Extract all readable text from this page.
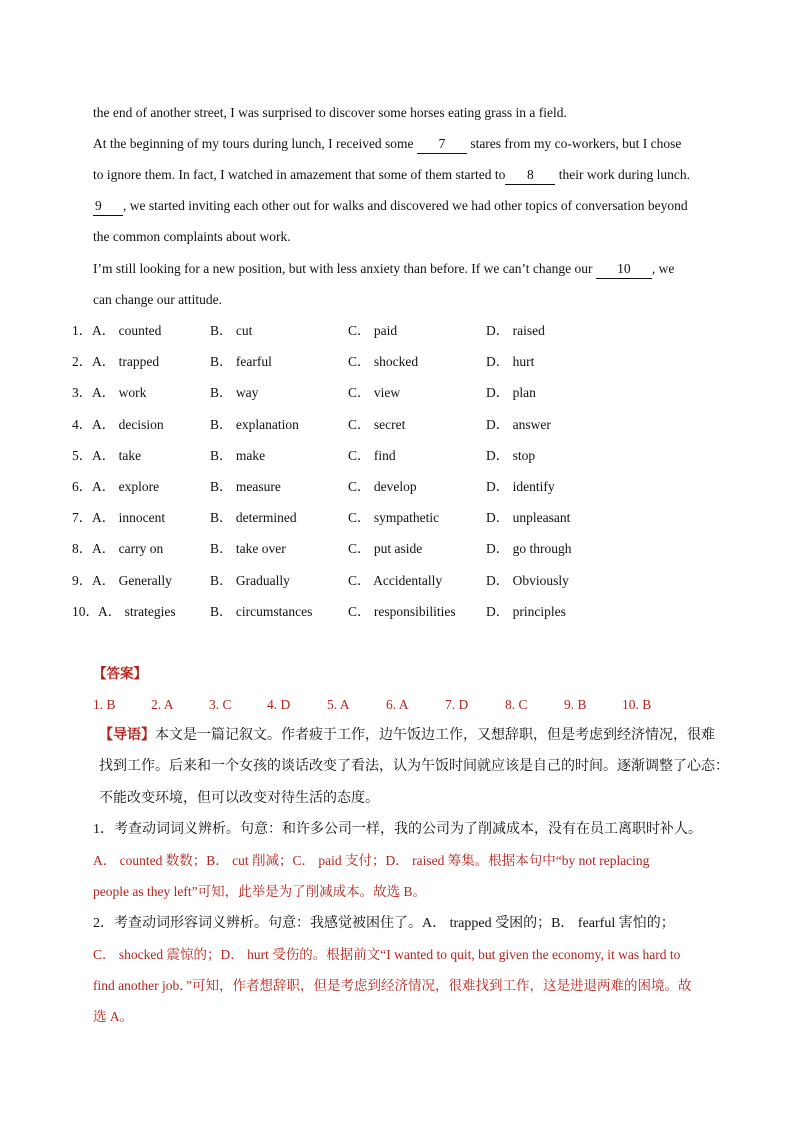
the end of another street, I was surprised to discover some horses eating grass in a field.
At the beginning of my tours during lunch, I received some 7 stares from my co-workers, but I chose
to ignore them. In fact, I watched in amazement that some of them started to 8 their work during lunch.
9 , we started inviting each other out for walks and discovered we had other topics of conversation beyond
the common complaints about work.
I’m still looking for a new position, but with less anxiety than before. If we can’t change our 10 , we
can change our attitude.
1． A． counted	B． cut	C． paid	D． raised
2． A． trapped	B． fearful	C． shocked	D． hurt
3． A． work	B． way	C． view	D． plan
4． A． decision	B． explanation	C． secret	D． answer
5． A． take	B． make	C． find	D． stop
6． A． explore	B． measure	C． develop	D． identify
7． A． innocent	B． determined	C． sympathetic	D． unpleasant
8． A． carry on	B． take over	C． put aside	D． go through
9． A． Generally	B． Gradually	C． Accidentally	D． Obviously
10． A． strategies	B． circumstances	C． responsibilities D． principles
【答案】
1. B	2. A	3. C	4. D	5. A	6. A	7. D	8. C	9. B	10. B
【导语】本文是一篇记叙文。作者疲于工作，边午饭边工作，又想辞职，但是考虑到经济情况，很难
找到工作。后来和一个女孩的谈话改变了看法，认为午饭时间就应该是自己的时间。逐渐调整了心态：
不能改变环境，但可以改变对待生活的态度。
1．考查动词词义辨析。句意：和许多公司一样，我的公司为了削减成本，没有在员工离职时补人。
A． counted 数数；B． cut 削减；C． paid 支付；D． raised 筹集。根据本句中“by not replacing
people as they left”可知，此举是为了削减成本。故选 B。
2．考查动词形容词义辨析。句意：我感觉被困住了。A． trapped 受困的；B． fearful 害怕的；
C． shocked 震惊的；D． hurt 受伤的。根据前文“I wanted to quit, but given the economy, it was hard to
find another job．”可知，作者想辞职，但是考虑到经济情况，很难找到工作，这是进退两难的困境。故
选 A。
